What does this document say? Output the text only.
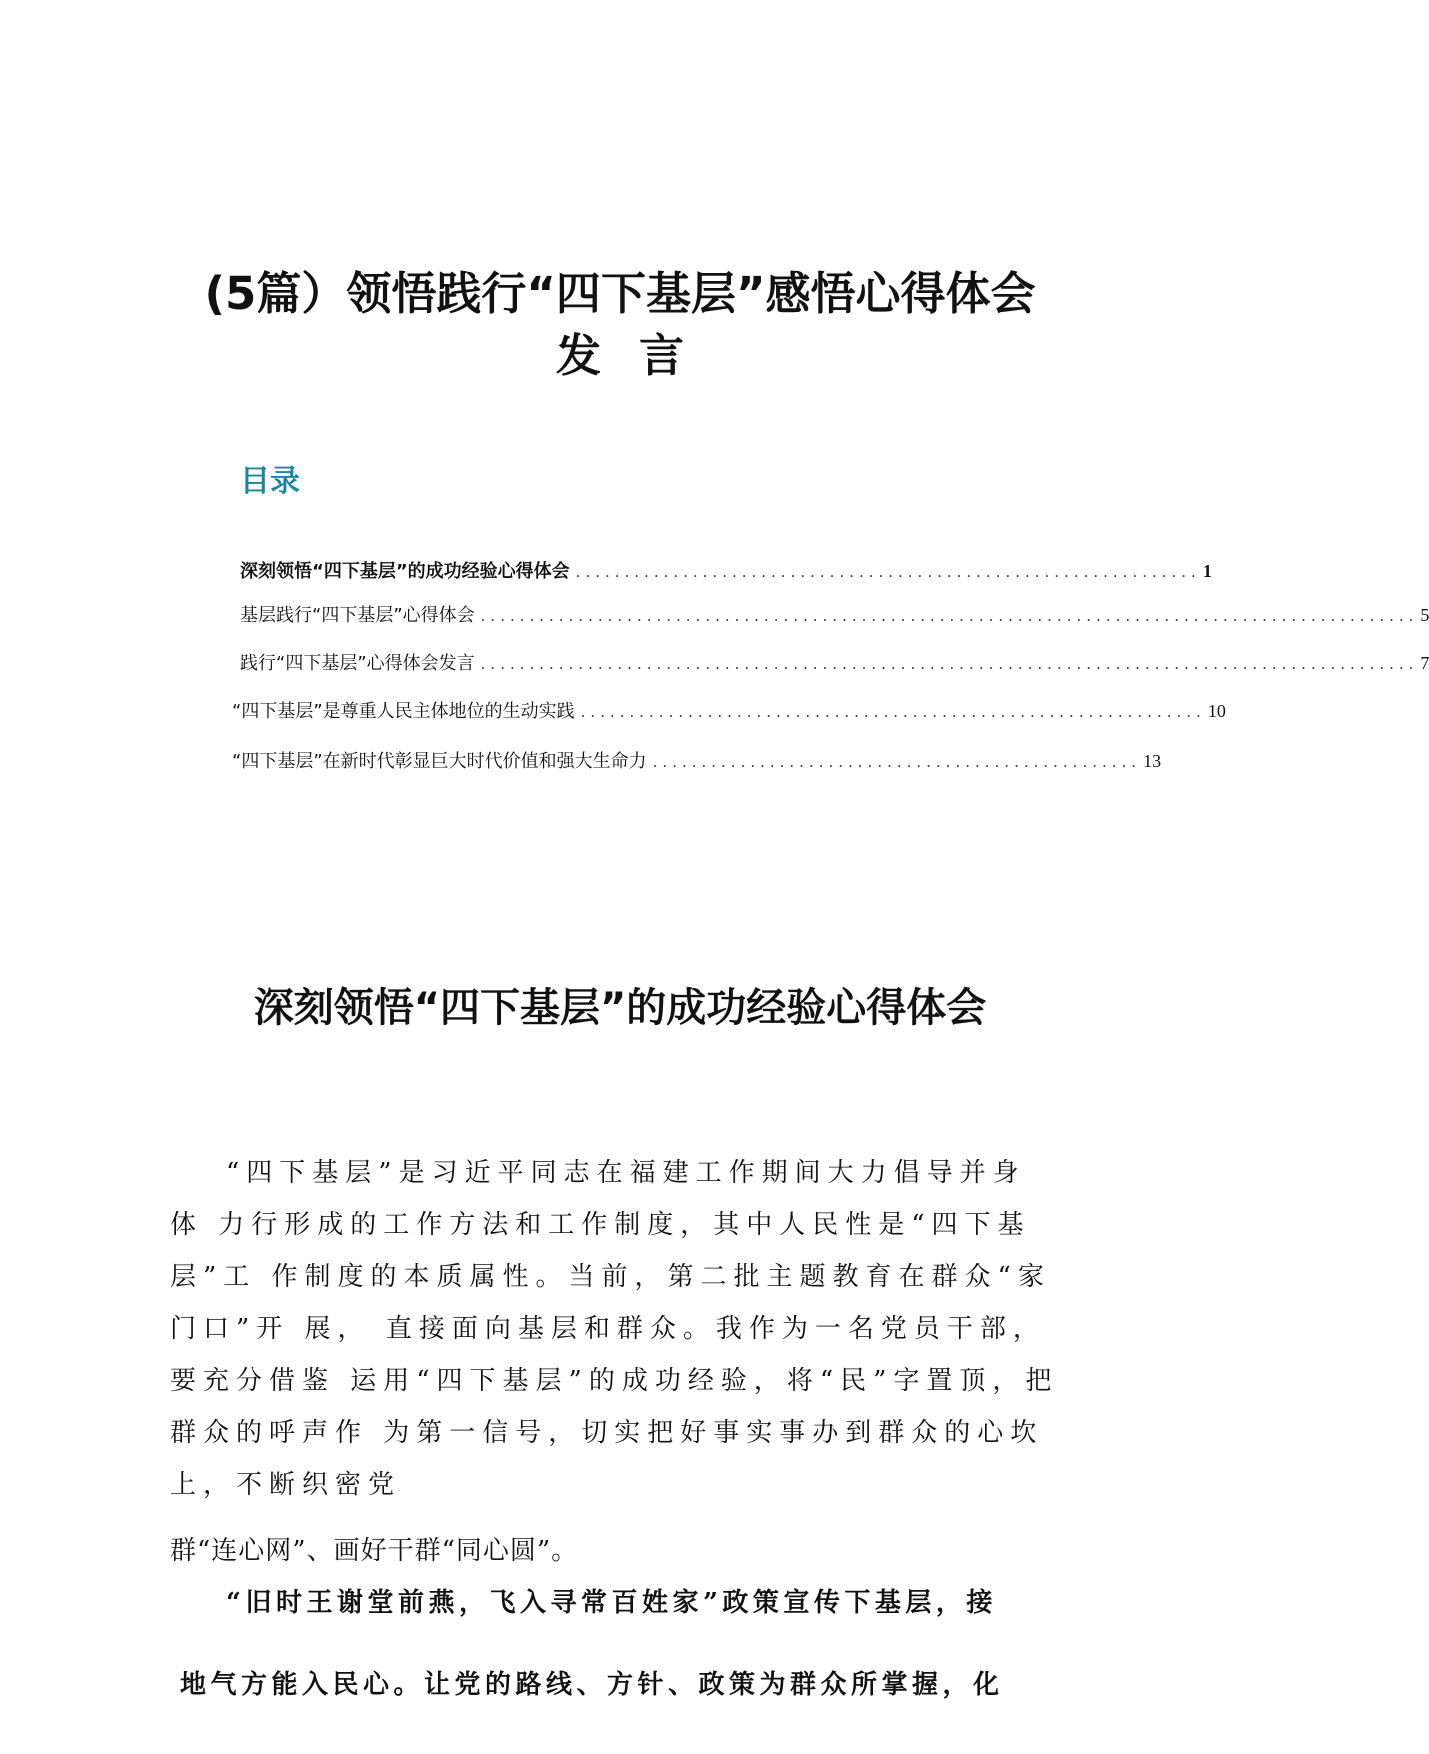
(5篇）领悟践行“四下基层”感悟心得体会
发言
目录
深刻领悟“四下基层”的成功经验心得体会 ................................................................ 1
基层践行“四下基层”心得体会 ................................................................................................ 5
践行“四下基层”心得体会发言 ................................................................................................ 7
“四下基层”是尊重人民主体地位的生动实践 ................................................................ 10
“四下基层”在新时代彰显巨大时代价值和强大生命力 .................................................. 13
深刻领悟“四下基层”的成功经验心得体会

“四下基层”是习近平同志在福建工作期间大力倡导并身

体 力行形成的工作方法和工作制度，其中人民性是“四下基

层”工 作制度的本质属性。当前，第二批主题教育在群众“家

门口”开 展， 直接面向基层和群众。我作为一名党员干部，

要充分借鉴 运用“四下基层”的成功经验，将“民”字置顶，把

群众的呼声作 为第一信号，切实把好事实事办到群众的心坎

上，不断织密党

群“连心网”、画好干群“同心圆”。

“旧时王谢堂前燕，飞入寻常百姓家”政策宣传下基层，接

地气方能入民心。让党的路线、方针、政策为群众所掌握，化
